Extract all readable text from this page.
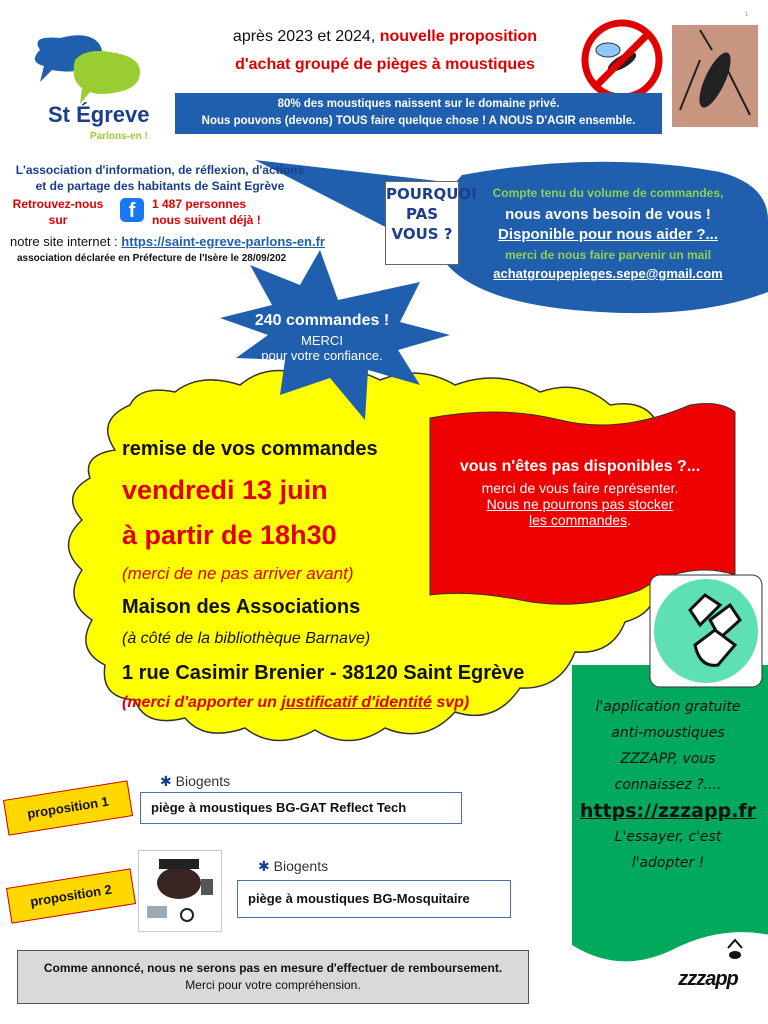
St Égreve
Parlons-en !
après 2023 et 2024, nouvelle proposition
d'achat groupé de pièges à moustiques
80% des moustiques naissent sur le domaine privé.
Nous pouvons (devons) TOUS faire quelque chose ! A NOUS D'AGIR ensemble.
L'association d'information, de réflexion, d'actions
et de partage des habitants de Saint Egrève
Retrouvez-nous
sur	f	1 487 personnes
nous suivent déjà !
notre site internet : https://saint-egreve-parlons-en.fr
association déclarée en Préfecture de l'Isère le 28/09/202
POURQUOI
PAS
VOUS ?
Compte tenu du volume de commandes,
nous avons besoin de vous !
Disponible pour nous aider ?...
merci de nous faire parvenir un mail
achatgroupepieges.sepe@gmail.com
240 commandes !
MERCI
pour votre confiance.
remise de vos commandes
vendredi 13 juin
à partir de 18h30
(merci de ne pas arriver avant)
Maison des Associations
(à côté de la bibliothèque Barnave)
1 rue Casimir Brenier - 38120 Saint Egrève
(merci d'apporter un justificatif d'identité svp)
vous n'êtes pas disponibles ?...
merci de vous faire représenter.
Nous ne pourrons pas stocker
les commandes.
l'application gratuite
anti-moustiques
ZZZAPP, vous
connaissez ?....
https://zzzapp.fr
L'essayer, c'est
l'adopter !
proposition 1
✱ Biogents
piège à moustiques BG-GAT Reflect Tech
proposition 2
✱ Biogents
piège à moustiques BG-Mosquitaire
Comme annoncé, nous ne serons pas en mesure d'effectuer de remboursement.
Merci pour votre compréhension.	zzzapp
1
